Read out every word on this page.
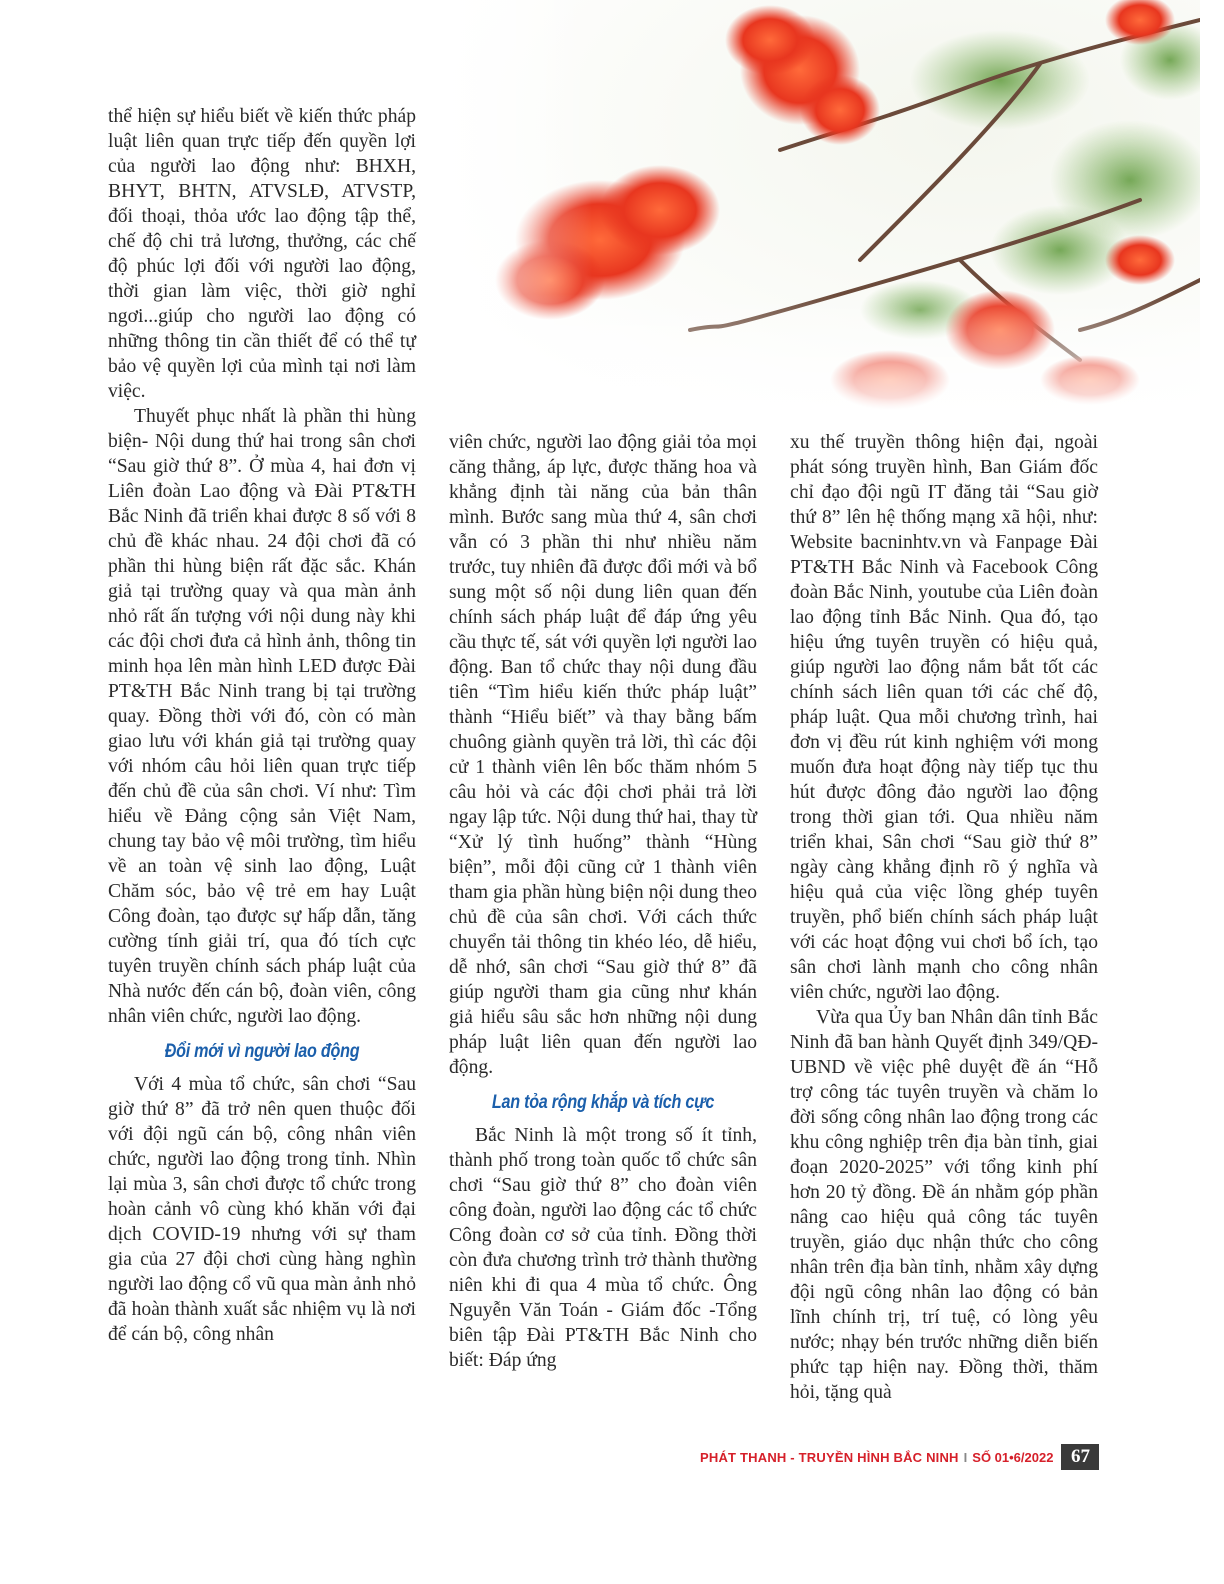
thể hiện sự hiểu biết về kiến thức pháp luật liên quan trực tiếp đến quyền lợi của người lao động như: BHXH, BHYT, BHTN, ATVSLĐ, ATVSTP, đối thoại, thỏa ước lao động tập thể, chế độ chi trả lương, thưởng, các chế độ phúc lợi đối với người lao động, thời gian làm việc, thời giờ nghỉ ngơi...giúp cho người lao động có những thông tin cần thiết để có thể tự bảo vệ quyền lợi của mình tại nơi làm việc.

Thuyết phục nhất là phần thi hùng biện- Nội dung thứ hai trong sân chơi “Sau giờ thứ 8”. Ở mùa 4, hai đơn vị Liên đoàn Lao động và Đài PT&TH Bắc Ninh đã triển khai được 8 số với 8 chủ đề khác nhau. 24 đội chơi đã có phần thi hùng biện rất đặc sắc. Khán giả tại trường quay và qua màn ảnh nhỏ rất ấn tượng với nội dung này khi các đội chơi đưa cả hình ảnh, thông tin minh họa lên màn hình LED được Đài PT&TH Bắc Ninh trang bị tại trường quay. Đồng thời với đó, còn có màn giao lưu với khán giả tại trường quay với nhóm câu hỏi liên quan trực tiếp đến chủ đề của sân chơi. Ví như: Tìm hiểu về Đảng cộng sản Việt Nam, chung tay bảo vệ môi trường, tìm hiểu về an toàn vệ sinh lao động, Luật Chăm sóc, bảo vệ trẻ em hay Luật Công đoàn, tạo được sự hấp dẫn, tăng cường tính giải trí, qua đó tích cực tuyên truyền chính sách pháp luật của Nhà nước đến cán bộ, đoàn viên, công nhân viên chức, người lao động.

Đổi mới vì người lao động

Với 4 mùa tổ chức, sân chơi “Sau giờ thứ 8” đã trở nên quen thuộc đối với đội ngũ cán bộ, công nhân viên chức, người lao động trong tỉnh. Nhìn lại mùa 3, sân chơi được tổ chức trong hoàn cảnh vô cùng khó khăn với đại dịch COVID-19 nhưng với sự tham gia của 27 đội chơi cùng hàng nghìn người lao động cổ vũ qua màn ảnh nhỏ đã hoàn thành xuất sắc nhiệm vụ là nơi để cán bộ, công nhân

viên chức, người lao động giải tỏa mọi căng thẳng, áp lực, được thăng hoa và khẳng định tài năng của bản thân mình. Bước sang mùa thứ 4, sân chơi vẫn có 3 phần thi như nhiều năm trước, tuy nhiên đã được đổi mới và bổ sung một số nội dung liên quan đến chính sách pháp luật để đáp ứng yêu cầu thực tế, sát với quyền lợi người lao động. Ban tổ chức thay nội dung đầu tiên “Tìm hiểu kiến thức pháp luật” thành “Hiểu biết” và thay bằng bấm chuông giành quyền trả lời, thì các đội cử 1 thành viên lên bốc thăm nhóm 5 câu hỏi và các đội chơi phải trả lời ngay lập tức. Nội dung thứ hai, thay từ “Xử lý tình huống” thành “Hùng biện”, mỗi đội cũng cử 1 thành viên tham gia phần hùng biện nội dung theo chủ đề của sân chơi. Với cách thức chuyển tải thông tin khéo léo, dễ hiểu, dễ nhớ, sân chơi “Sau giờ thứ 8” đã giúp người tham gia cũng như khán giả hiểu sâu sắc hơn những nội dung pháp luật liên quan đến người lao động.

Lan tỏa rộng khắp và tích cực

Bắc Ninh là một trong số ít tỉnh, thành phố trong toàn quốc tổ chức sân chơi “Sau giờ thứ 8” cho đoàn viên công đoàn, người lao động các tổ chức Công đoàn cơ sở của tỉnh. Đồng thời còn đưa chương trình trở thành thường niên khi đi qua 4 mùa tổ chức. Ông Nguyễn Văn Toán - Giám đốc -Tổng biên tập Đài PT&TH Bắc Ninh cho biết: Đáp ứng

xu thế truyền thông hiện đại, ngoài phát sóng truyền hình, Ban Giám đốc chỉ đạo đội ngũ IT đăng tải “Sau giờ thứ 8” lên hệ thống mạng xã hội, như: Website bacninhtv.vn và Fanpage Đài PT&TH Bắc Ninh và Facebook Công đoàn Bắc Ninh, youtube của Liên đoàn lao động tỉnh Bắc Ninh. Qua đó, tạo hiệu ứng tuyên truyền có hiệu quả, giúp người lao động nắm bắt tốt các chính sách liên quan tới các chế độ, pháp luật. Qua mỗi chương trình, hai đơn vị đều rút kinh nghiệm với mong muốn đưa hoạt động này tiếp tục thu hút được đông đảo người lao động trong thời gian tới. Qua nhiều năm triển khai, Sân chơi “Sau giờ thứ 8” ngày càng khẳng định rõ ý nghĩa và hiệu quả của việc lồng ghép tuyên truyền, phổ biến chính sách pháp luật với các hoạt động vui chơi bổ ích, tạo sân chơi lành mạnh cho công nhân viên chức, người lao động.

Vừa qua Ủy ban Nhân dân tỉnh Bắc Ninh đã ban hành Quyết định 349/QĐ-UBND về việc phê duyệt đề án “Hỗ trợ công tác tuyên truyền và chăm lo đời sống công nhân lao động trong các khu công nghiệp trên địa bàn tỉnh, giai đoạn 2020-2025” với tổng kinh phí hơn 20 tỷ đồng. Đề án nhằm góp phần nâng cao hiệu quả công tác tuyên truyền, giáo dục nhận thức cho công nhân trên địa bàn tỉnh, nhằm xây dựng đội ngũ công nhân lao động có bản lĩnh chính trị, trí tuệ, có lòng yêu nước; nhạy bén trước những diễn biến phức tạp hiện nay. Đồng thời, thăm hỏi, tặng quà

PHÁT THANH - TRUYỀN HÌNH BẮC NINH I SỐ 01•6/2022 67
